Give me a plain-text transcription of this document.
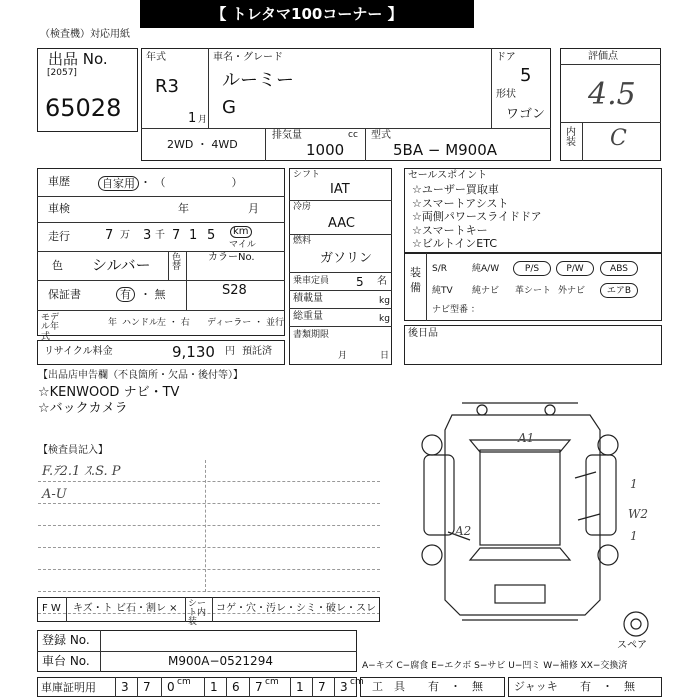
【 トレタマ100コーナー 】
（検査機）対応用紙
出品 No.
[2057]
65028
年式
R3
1 月
車名・グレード
ルーミー
G
ドア
5
形状
ワゴン
2WD ・ 4WD
排気量	cc
1000
型式
5BA − M900A
評価点
4.5
内装 C
車歴	自家用 ・ （　　　　　　）
車検	年	月
走行	7 万 3 千 7 1 5	km
マイル
色 シルバー 色替
カラーNo.
S28
保証書	有 ・ 無
モデル年式
年 ハンドル
左 ・ 右 ディーラー ・ 並行
リサイクル料金	9,130 円 預託済
シフト
IAT
冷房
AAC
燃料
ガソリン
乗車定員 5 名
積載量	kg
総重量	kg
書類期限
月	日
セールスポイント
☆ユーザー買取車
☆スマートアシスト
☆両側パワースライドドア
☆スマートキー
☆ビルトインETC
装備
S/R	純A/W	P/S	P/W	ABS
純TV 純ナビ 革シート 外ナビ	エアB
ナビ型番 ：
後日品
【出品店申告欄（不良箇所・欠品・後付等）】
☆KENWOOD ナビ・TV
☆バックカメラ
【検査員記入】
F.ﾃ2.1 ｽ.S. P
A-U
F W キズ・ト ビ石・割レ × シート内装
コゲ・穴・汚レ・シミ・破レ・スレ
登録 No.
車台 No.	M900A−0521294
車庫証明用 3 7 0	1 6 7	1 7 3
cm	cm	cm
A−キズ C−腐食 E−エクボ S−サビ U−凹ミ W−補修 XX−交換済
工　具 有　・　無	ジャッキ 有　・　無
A1
A2
W2
1
1
スペア
